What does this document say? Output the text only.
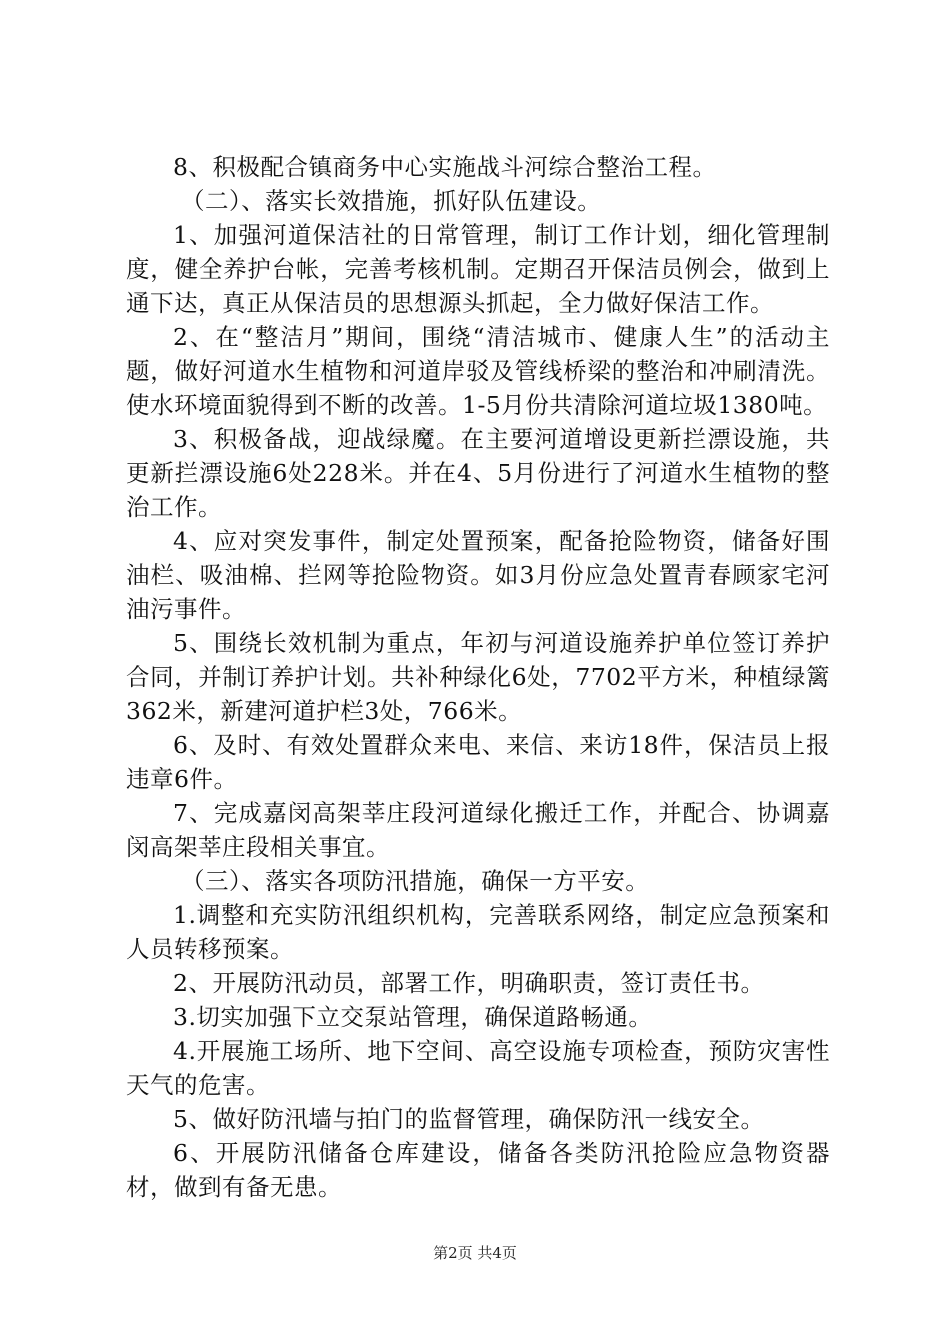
8、积极配合镇商务中心实施战斗河综合整治工程。

（二）、落实长效措施，抓好队伍建设。

1、加强河道保洁社的日常管理，制订工作计划，细化管理制度，健全养护台帐，完善考核机制。定期召开保洁员例会，做到上通下达，真正从保洁员的思想源头抓起，全力做好保洁工作。

2、在“整洁月”期间，围绕“清洁城市、健康人生”的活动主题，做好河道水生植物和河道岸驳及管线桥梁的整治和冲刷清洗。使水环境面貌得到不断的改善。1-5月份共清除河道垃圾1380吨。

3、积极备战，迎战绿魔。在主要河道增设更新拦漂设施，共更新拦漂设施6处228米。并在4、5月份进行了河道水生植物的整治工作。

4、应对突发事件，制定处置预案，配备抢险物资，储备好围油栏、吸油棉、拦网等抢险物资。如3月份应急处置青春顾家宅河油污事件。

5、围绕长效机制为重点，年初与河道设施养护单位签订养护合同，并制订养护计划。共补种绿化6处，7702平方米，种植绿篱362米，新建河道护栏3处，766米。

6、及时、有效处置群众来电、来信、来访18件，保洁员上报违章6件。

7、完成嘉闵高架莘庄段河道绿化搬迁工作，并配合、协调嘉闵高架莘庄段相关事宜。

（三）、落实各项防汛措施，确保一方平安。

1.调整和充实防汛组织机构，完善联系网络，制定应急预案和人员转移预案。

2、开展防汛动员，部署工作，明确职责，签订责任书。

3.切实加强下立交泵站管理，确保道路畅通。

4.开展施工场所、地下空间、高空设施专项检查，预防灾害性天气的危害。

5、做好防汛墙与拍门的监督管理，确保防汛一线安全。

6、开展防汛储备仓库建设，储备各类防汛抢险应急物资器材，做到有备无患。

第2页 共4页
